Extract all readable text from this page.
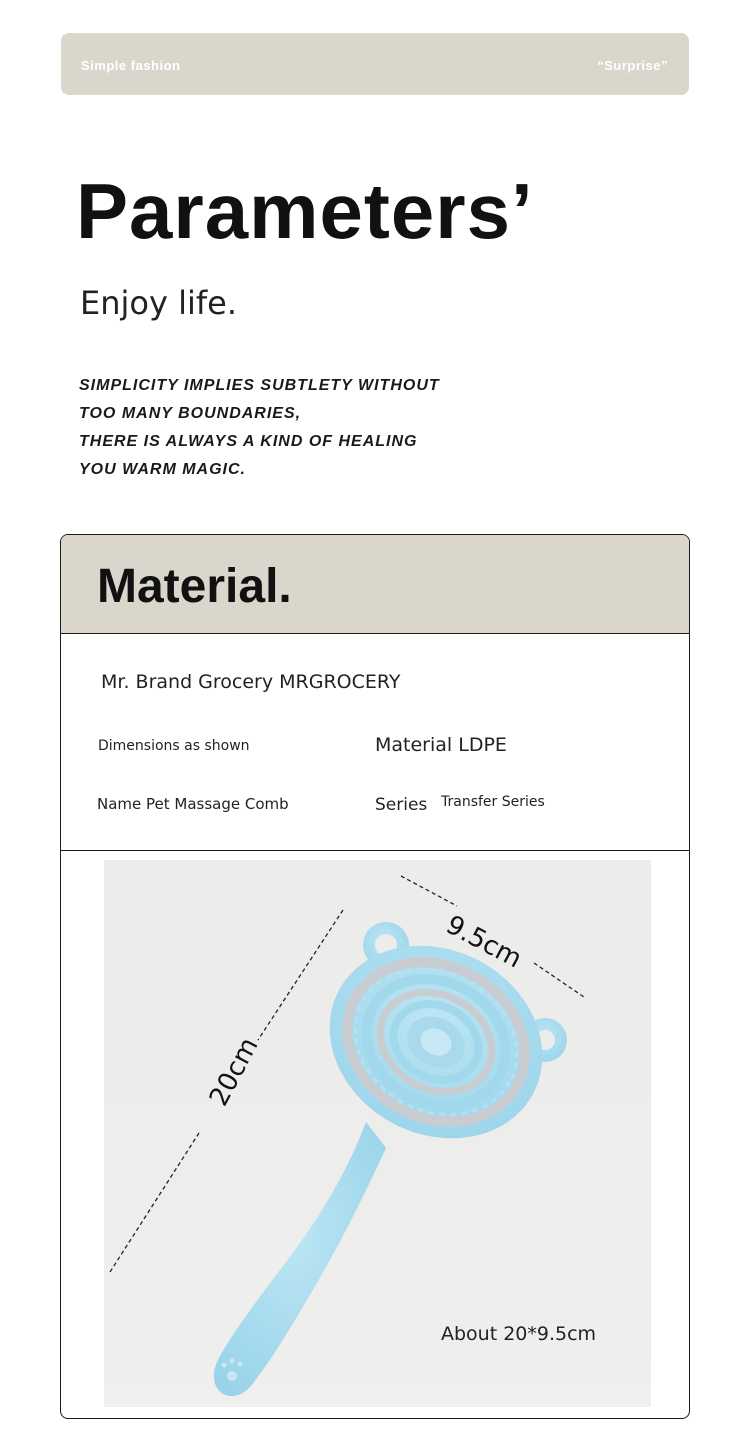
Simple fashion	“Surprise”
Parameters’
Enjoy life.
SIMPLICITY IMPLIES SUBTLETY WITHOUT
TOO MANY BOUNDARIES,
THERE IS ALWAYS A KIND OF HEALING
YOU WARM MAGIC.
Material.
Mr. Brand Grocery MRGROCERY
Dimensions as shown	Material LDPE
Name Pet Massage Comb	Series Transfer Series
9.5cm
20cm
About 20*9.5cm
